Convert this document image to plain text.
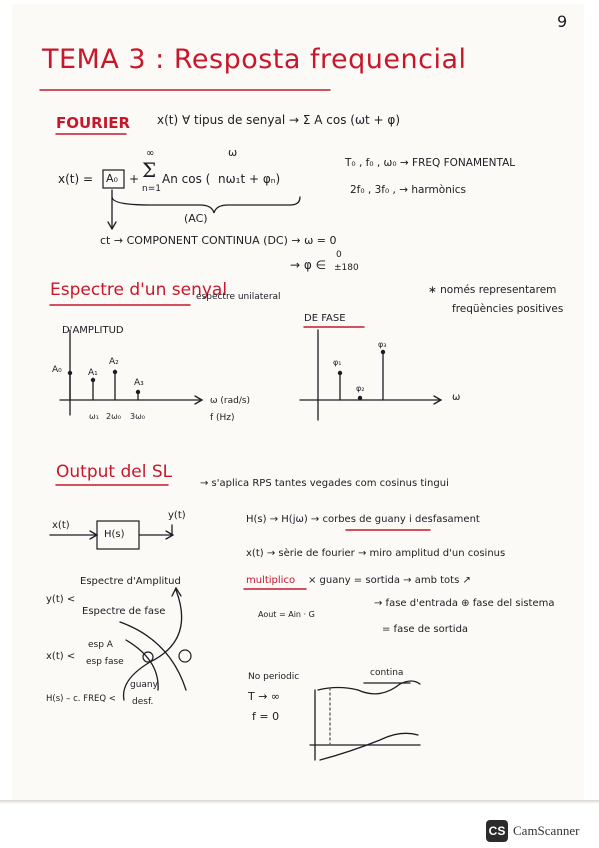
9
TEMA 3 : Resposta frequencial
FOURIER x(t) ∀ tipus de senyal → Σ A cos (ωt + φ)
x(t) = A₀ +
∞
Σ
n=1
An cos ( nω₁t + φₙ)
ω
(AC)
T₀ , f₀ , ω₀ → FREQ FONAMENTAL
2f₀ , 3f₀ , → harmònics
ct → COMPONENT CONTINUA (DC) → ω = 0
→ φ ∈
0
±180
Espectre d'un senyal
espectre unilateral
∗ només representarem
freqüències positives
D'AMPLITUD
A₀	A₁
A₂
A₃
ω₁ 2ω₀ 3ω₀
ω (rad/s)
f (Hz)
DE FASE
φ₁
φ₂
φ₃
ω
Output del SL
→ s'aplica RPS tantes vegades com cosinus tingui
x(t)
H(s)
y(t)	H(s) → H(jω) → corbes de guany i desfasament
x(t) → sèrie de fourier → miro amplitud d'un cosinus
multiplico × guany = sortida → amb tots ↗
Aout = Ain · G
→ fase d'entrada ⊕ fase del sistema
= fase de sortida
y(t) <
Espectre d'Amplitud
Espectre de fase
x(t) <
esp A
esp fase
H(s) – c. FREQ <
guany
desf.
No periodic
T → ∞
f = 0
contina
CS CamScanner
